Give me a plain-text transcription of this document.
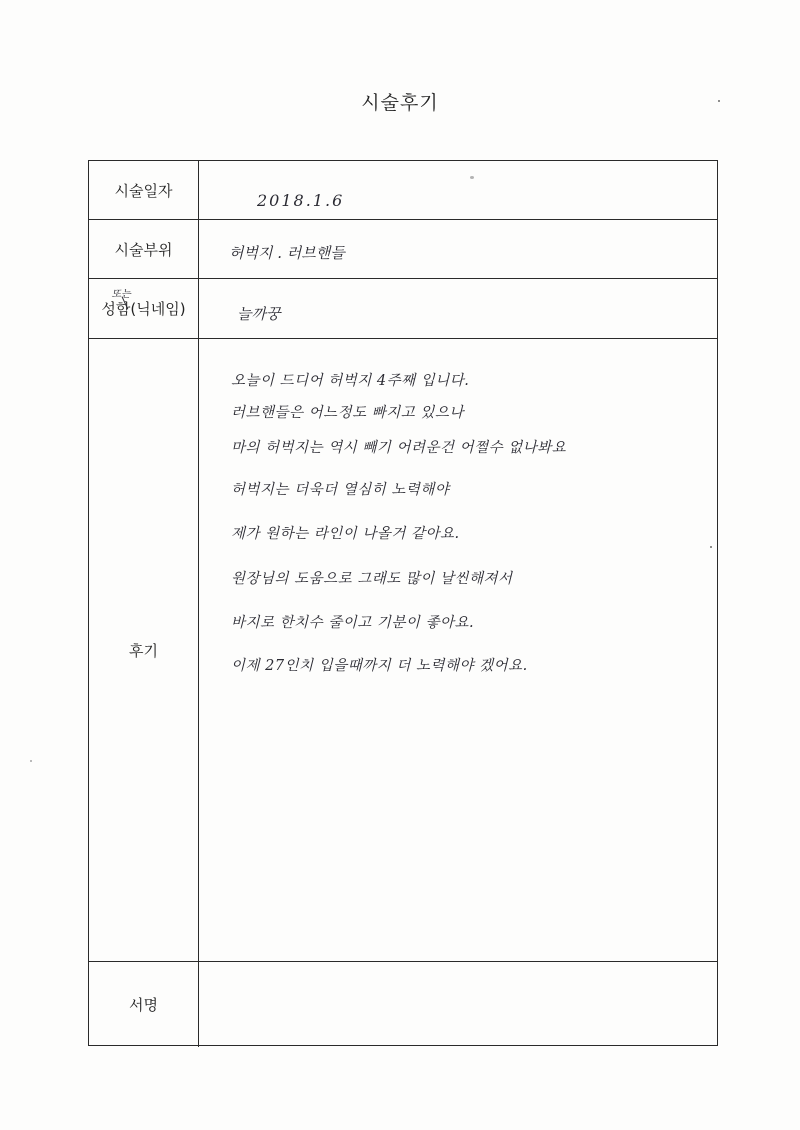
시술후기
시술일자
2018.1.6
시술부위	허벅지 . 러브핸들
또는
성함(닉네임)	늘까꿍
후기
오늘이 드디어 허벅지 4주째 입니다.
러브핸들은 어느정도 빠지고 있으나
마의 허벅지는 역시 빼기 어려운건 어쩔수 없나봐요
허벅지는 더욱더 열심히 노력해야
제가 원하는 라인이 나올거 같아요.
원장님의 도움으로 그래도 많이 날씬해져서
바지로 한치수 줄이고 기분이 좋아요.
이제 27인치 입을때까지 더 노력해야 겠어요.
서명
